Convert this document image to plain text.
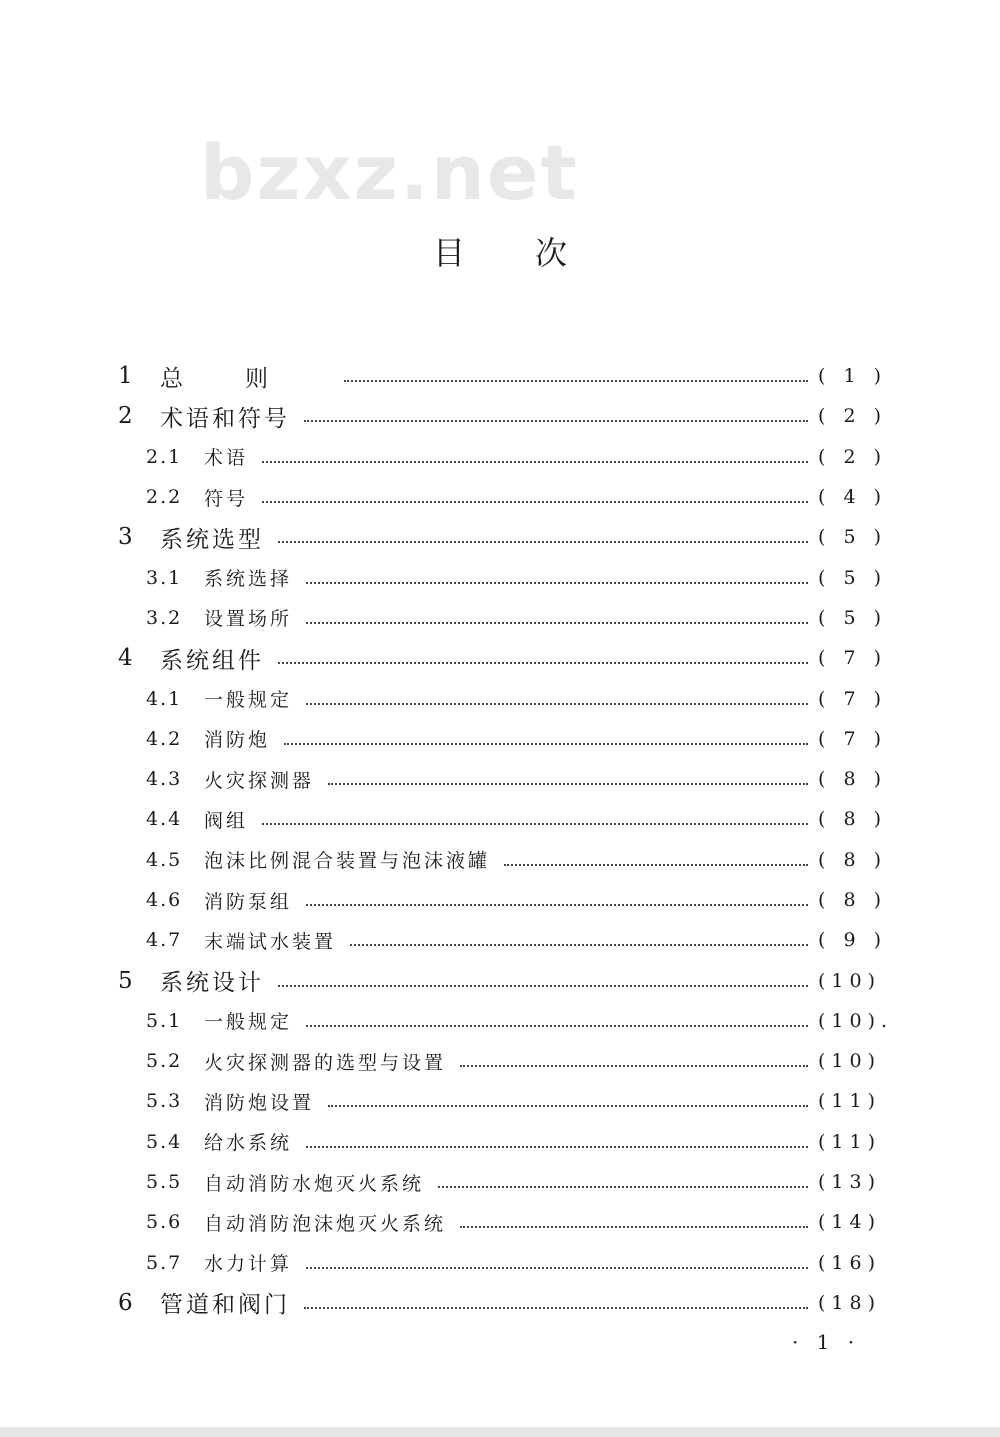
bzxz.net
目次
1	总则	( 1 )
2	术语和符号	( 2 )
2.1	术语	( 2 )
2.2	符号	( 4 )
3	系统选型	( 5 )
3.1	系统选择	( 5 )
3.2	设置场所	( 5 )
4	系统组件	( 7 )
4.1	一般规定	( 7 )
4.2	消防炮	( 7 )
4.3	火灾探测器	( 8 )
4.4	阀组	( 8 )
4.5	泡沫比例混合装置与泡沫液罐	( 8 )
4.6	消防泵组	( 8 )
4.7	末端试水装置	( 9 )
5	系统设计	(10)
5.1	一般规定	(10).
5.2	火灾探测器的选型与设置	(10)
5.3	消防炮设置	(11)
5.4	给水系统	(11)
5.5	自动消防水炮灭火系统	(13)
5.6	自动消防泡沫炮灭火系统	(14)
5.7	水力计算	(16)
6	管道和阀门	(18)
· 1 ·
